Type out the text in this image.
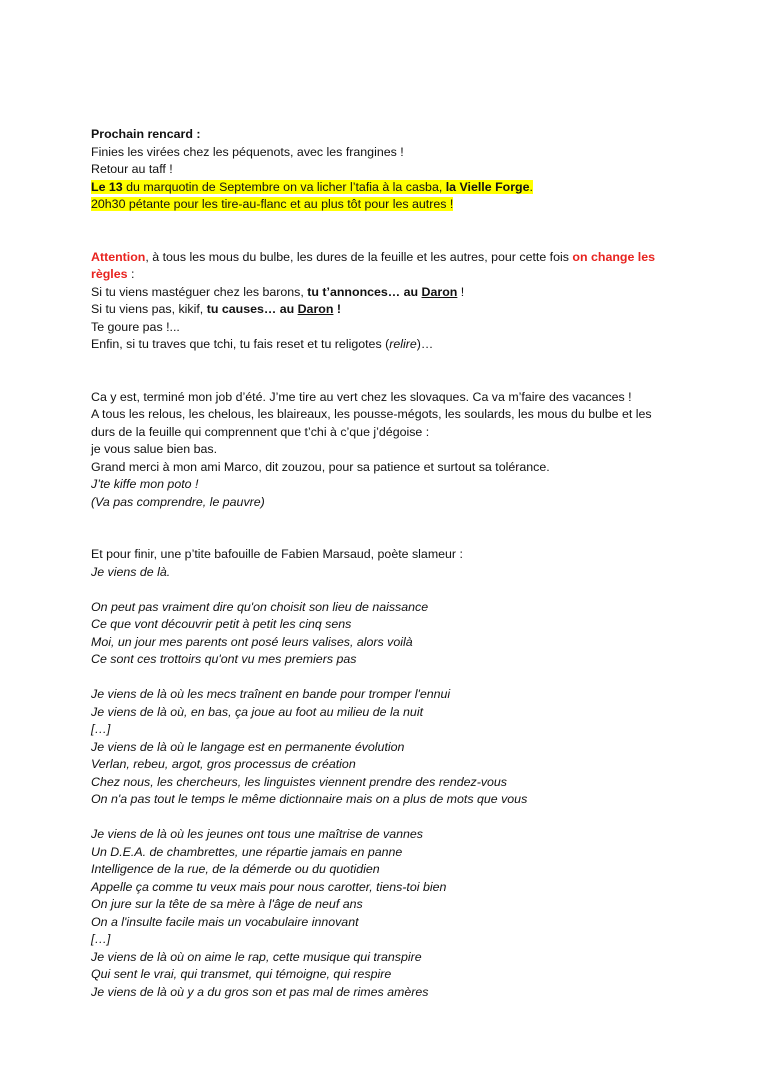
Prochain rencard :
Finies les virées chez les péquenots, avec les frangines !
Retour au taff !
Le 13 du marquotin de Septembre on va licher l’tafia à la casba, la Vielle Forge.
20h30 pétante pour les tire-au-flanc et au plus tôt pour les autres !
Attention, à tous les mous du bulbe, les dures de la feuille et les autres, pour cette fois on change les
règles :
Si tu viens mastéguer chez les barons, tu t’annonces… au Daron !
Si tu viens pas, kikif, tu causes… au Daron !
Te goure pas !...
Enfin, si tu traves que tchi, tu fais reset et tu religotes (relire)…
Ca y est, terminé mon job d’été. J’me tire au vert chez les slovaques. Ca va m’faire des vacances !
A tous les relous, les chelous, les blaireaux, les pousse-mégots, les soulards, les mous du bulbe et les
durs de la feuille qui comprennent que t’chi à c’que j’dégoise :
je vous salue bien bas.
Grand merci à mon ami Marco, dit zouzou, pour sa patience et surtout sa tolérance.
J’te kiffe mon poto !
(Va pas comprendre, le pauvre)
Et pour finir, une p’tite bafouille de Fabien Marsaud, poète slameur :
Je viens de là.
On peut pas vraiment dire qu'on choisit son lieu de naissance
Ce que vont découvrir petit à petit les cinq sens
Moi, un jour mes parents ont posé leurs valises, alors voilà
Ce sont ces trottoirs qu'ont vu mes premiers pas
Je viens de là où les mecs traînent en bande pour tromper l'ennui
Je viens de là où, en bas, ça joue au foot au milieu de la nuit
[…]
Je viens de là où le langage est en permanente évolution
Verlan, rebeu, argot, gros processus de création
Chez nous, les chercheurs, les linguistes viennent prendre des rendez-vous
On n'a pas tout le temps le même dictionnaire mais on a plus de mots que vous
Je viens de là où les jeunes ont tous une maîtrise de vannes
Un D.E.A. de chambrettes, une répartie jamais en panne
Intelligence de la rue, de la démerde ou du quotidien
Appelle ça comme tu veux mais pour nous carotter, tiens-toi bien
On jure sur la tête de sa mère à l'âge de neuf ans
On a l'insulte facile mais un vocabulaire innovant
[…]
Je viens de là où on aime le rap, cette musique qui transpire
Qui sent le vrai, qui transmet, qui témoigne, qui respire
Je viens de là où y a du gros son et pas mal de rimes amères
